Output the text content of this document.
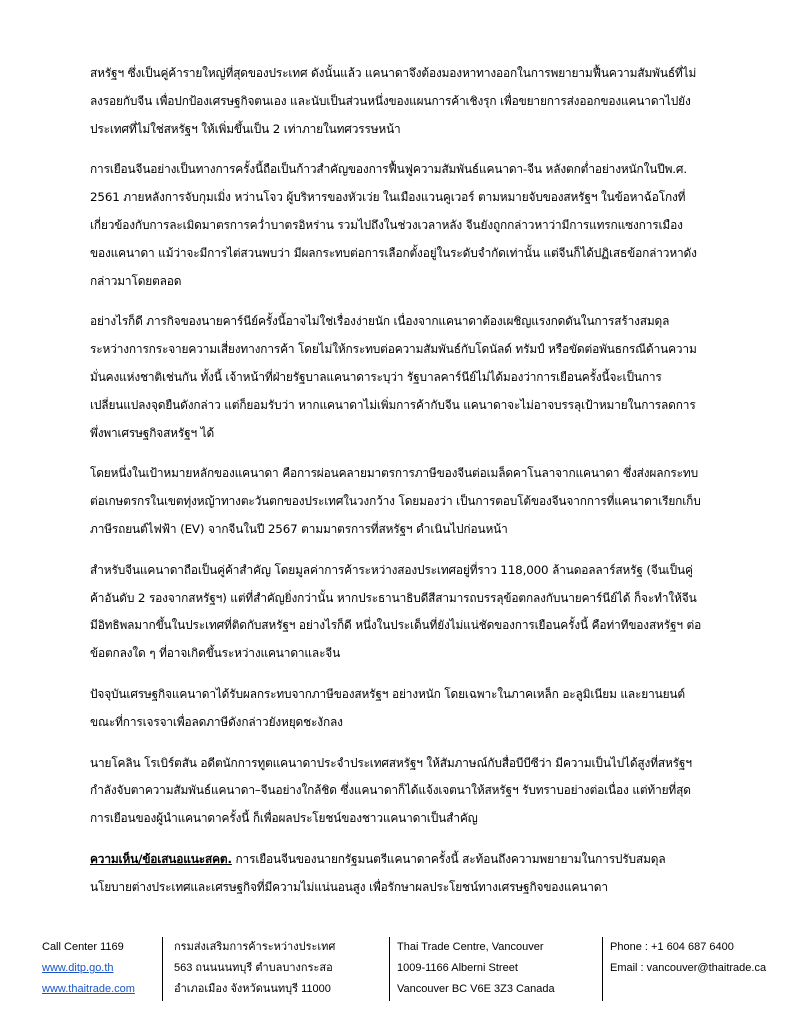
สหรัฐฯ ซึ่งเป็นคู่ค้ารายใหญ่ที่สุดของประเทศ ดังนั้นแล้ว แคนาดาจึงต้องมองหาทางออกในการพยายามฟื้นความสัมพันธ์ที่ไม่ลงรอยกับจีน เพื่อปกป้องเศรษฐกิจตนเอง และนับเป็นส่วนหนึ่งของแผนการค้าเชิงรุก เพื่อขยายการส่งออกของแคนาดาไปยังประเทศที่ไม่ใช่สหรัฐฯ ให้เพิ่มขึ้นเป็น 2 เท่าภายในทศวรรษหน้า

การเยือนจีนอย่างเป็นทางการครั้งนี้ถือเป็นก้าวสำคัญของการฟื้นฟูความสัมพันธ์แคนาดา-จีน หลังตกต่ำอย่างหนักในปีพ.ศ. 2561 ภายหลังการจับกุมเมิ่ง หว่านโจว ผู้บริหารของหัวเว่ย ในเมืองแวนคูเวอร์ ตามหมายจับของสหรัฐฯ ในข้อหาฉ้อโกงที่เกี่ยวข้องกับการละเมิดมาตรการคว่ำบาตรอิหร่าน รวมไปถึงในช่วงเวลาหลัง จีนยังถูกกล่าวหาว่ามีการแทรกแซงการเมืองของแคนาดา แม้ว่าจะมีการไต่สวนพบว่า มีผลกระทบต่อการเลือกตั้งอยู่ในระดับจำกัดเท่านั้น แต่จีนก็ได้ปฏิเสธข้อกล่าวหาดังกล่าวมาโดยตลอด

อย่างไรก็ดี ภารกิจของนายคาร์นีย์ครั้งนี้อาจไม่ใช่เรื่องง่ายนัก เนื่องจากแคนาดาต้องเผชิญแรงกดดันในการสร้างสมดุลระหว่างการกระจายความเสี่ยงทางการค้า โดยไม่ให้กระทบต่อความสัมพันธ์กับโดนัลด์ ทรัมป์ หรือขัดต่อพันธกรณีด้านความมั่นคงแห่งชาติเช่นกัน ทั้งนี้ เจ้าหน้าที่ฝ่ายรัฐบาลแคนาดาระบุว่า รัฐบาลคาร์นีย์ไม่ได้มองว่าการเยือนครั้งนี้จะเป็นการเปลี่ยนแปลงจุดยืนดังกล่าว แต่ก็ยอมรับว่า หากแคนาดาไม่เพิ่มการค้ากับจีน แคนาดาจะไม่อาจบรรลุเป้าหมายในการลดการพึ่งพาเศรษฐกิจสหรัฐฯ ได้

โดยหนึ่งในเป้าหมายหลักของแคนาดา คือการผ่อนคลายมาตรการภาษีของจีนต่อเมล็ดคาโนลาจากแคนาดา ซึ่งส่งผลกระทบต่อเกษตรกรในเขตทุ่งหญ้าทางตะวันตกของประเทศในวงกว้าง โดยมองว่า เป็นการตอบโต้ของจีนจากการที่แคนาดาเรียกเก็บภาษีรถยนต์ไฟฟ้า (EV) จากจีนในปี 2567 ตามมาตรการที่สหรัฐฯ ดำเนินไปก่อนหน้า

สำหรับจีนแคนาดาถือเป็นคู่ค้าสำคัญ โดยมูลค่าการค้าระหว่างสองประเทศอยู่ที่ราว 118,000 ล้านดอลลาร์สหรัฐ (จีนเป็นคู่ค้าอันดับ 2 รองจากสหรัฐฯ) แต่ที่สำคัญยิ่งกว่านั้น หากประธานาธิบดีสีสามารถบรรลุข้อตกลงกับนายคาร์นีย์ได้ ก็จะทำให้จีนมีอิทธิพลมากขึ้นในประเทศที่ติดกับสหรัฐฯ อย่างไรก็ดี หนึ่งในประเด็นที่ยังไม่แน่ชัดของการเยือนครั้งนี้ คือท่าทีของสหรัฐฯ ต่อข้อตกลงใด ๆ ที่อาจเกิดขึ้นระหว่างแคนาดาและจีน

ปัจจุบันเศรษฐกิจแคนาดาได้รับผลกระทบจากภาษีของสหรัฐฯ อย่างหนัก โดยเฉพาะในภาคเหล็ก อะลูมิเนียม และยานยนต์ ขณะที่การเจรจาเพื่อลดภาษีดังกล่าวยังหยุดชะงักลง

นายโคลิน โรเบิร์ตสัน อดีตนักการทูตแคนาดาประจำประเทศสหรัฐฯ ให้สัมภาษณ์กับสื่อบีบีซีว่า มีความเป็นไปได้สูงที่สหรัฐฯ กำลังจับตาความสัมพันธ์แคนาดา–จีนอย่างใกล้ชิด ซึ่งแคนาดาก็ได้แจ้งเจตนาให้สหรัฐฯ รับทราบอย่างต่อเนื่อง แต่ท้ายที่สุด การเยือนของผู้นำแคนาดาครั้งนี้ ก็เพื่อผลประโยชน์ของชาวแคนาดาเป็นสำคัญ

ความเห็น/ข้อเสนอแนะสคต. การเยือนจีนของนายกรัฐมนตรีแคนาดาครั้งนี้ สะท้อนถึงความพยายามในการปรับสมดุลนโยบายต่างประเทศและเศรษฐกิจที่มีความไม่แน่นอนสูง เพื่อรักษาผลประโยชน์ทางเศรษฐกิจของแคนาดา

Call Center 1169
www.ditp.go.th
www.thaitrade.com
กรมส่งเสริมการค้าระหว่างประเทศ
563 ถนนนนทบุรี ตำบลบางกระสอ
อำเภอเมือง จังหวัดนนทบุรี 11000
Thai Trade Centre, Vancouver
1009-1166 Alberni Street
Vancouver BC V6E 3Z3 Canada
Phone : +1 604 687 6400
Email : vancouver@thaitrade.ca
